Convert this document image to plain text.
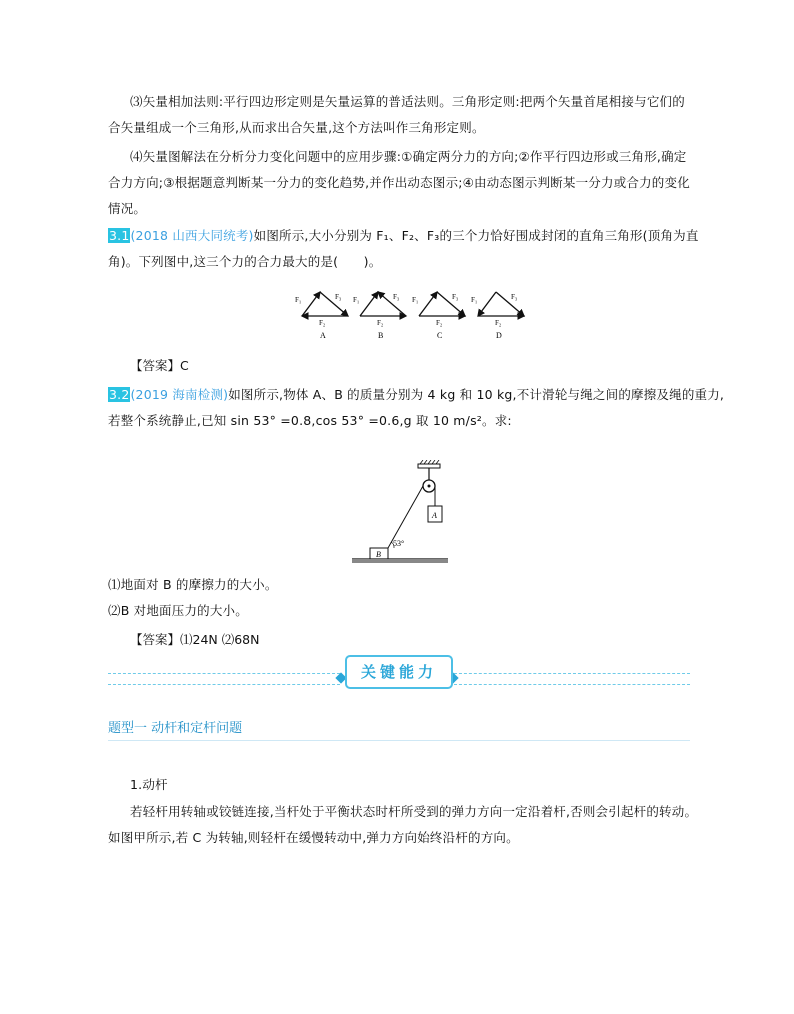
⑶矢量相加法则:平行四边形定则是矢量运算的普适法则。三角形定则:把两个矢量首尾相接与它们的
合矢量组成一个三角形,从而求出合矢量,这个方法叫作三角形定则。
⑷矢量图解法在分析分力变化问题中的应用步骤:①确定两分力的方向;②作平行四边形或三角形,确定
合力方向;③根据题意判断某一分力的变化趋势,并作出动态图示;④由动态图示判断某一分力或合力的变化
情况。
3.1(2018 山西大同统考)如图所示,大小分别为 F₁、F₂、F₃的三个力恰好围成封闭的直角三角形(顶角为直
角)。下列图中,这三个力的合力最大的是(　　)。
F₁	F₃
F₂
A
F₁	F₃
F₂
B
F₁	F₃
F₂
C
F₁	F₃
F₂
D
【答案】C
3.2(2019 海南检测)如图所示,物体 A、B 的质量分别为 4 kg 和 10 kg,不计滑轮与绳之间的摩擦及绳的重力,
若整个系统静止,已知 sin 53° =0.8,cos 53° =0.6,g 取 10 m/s²。求:
A
B
53°
⑴地面对 B 的摩擦力的大小。
⑵B 对地面压力的大小。
【答案】⑴24N ⑵68N
关键能力
题型一 动杆和定杆问题
1.动杆
若轻杆用转轴或铰链连接,当杆处于平衡状态时杆所受到的弹力方向一定沿着杆,否则会引起杆的转动。
如图甲所示,若 C 为转轴,则轻杆在缓慢转动中,弹力方向始终沿杆的方向。
